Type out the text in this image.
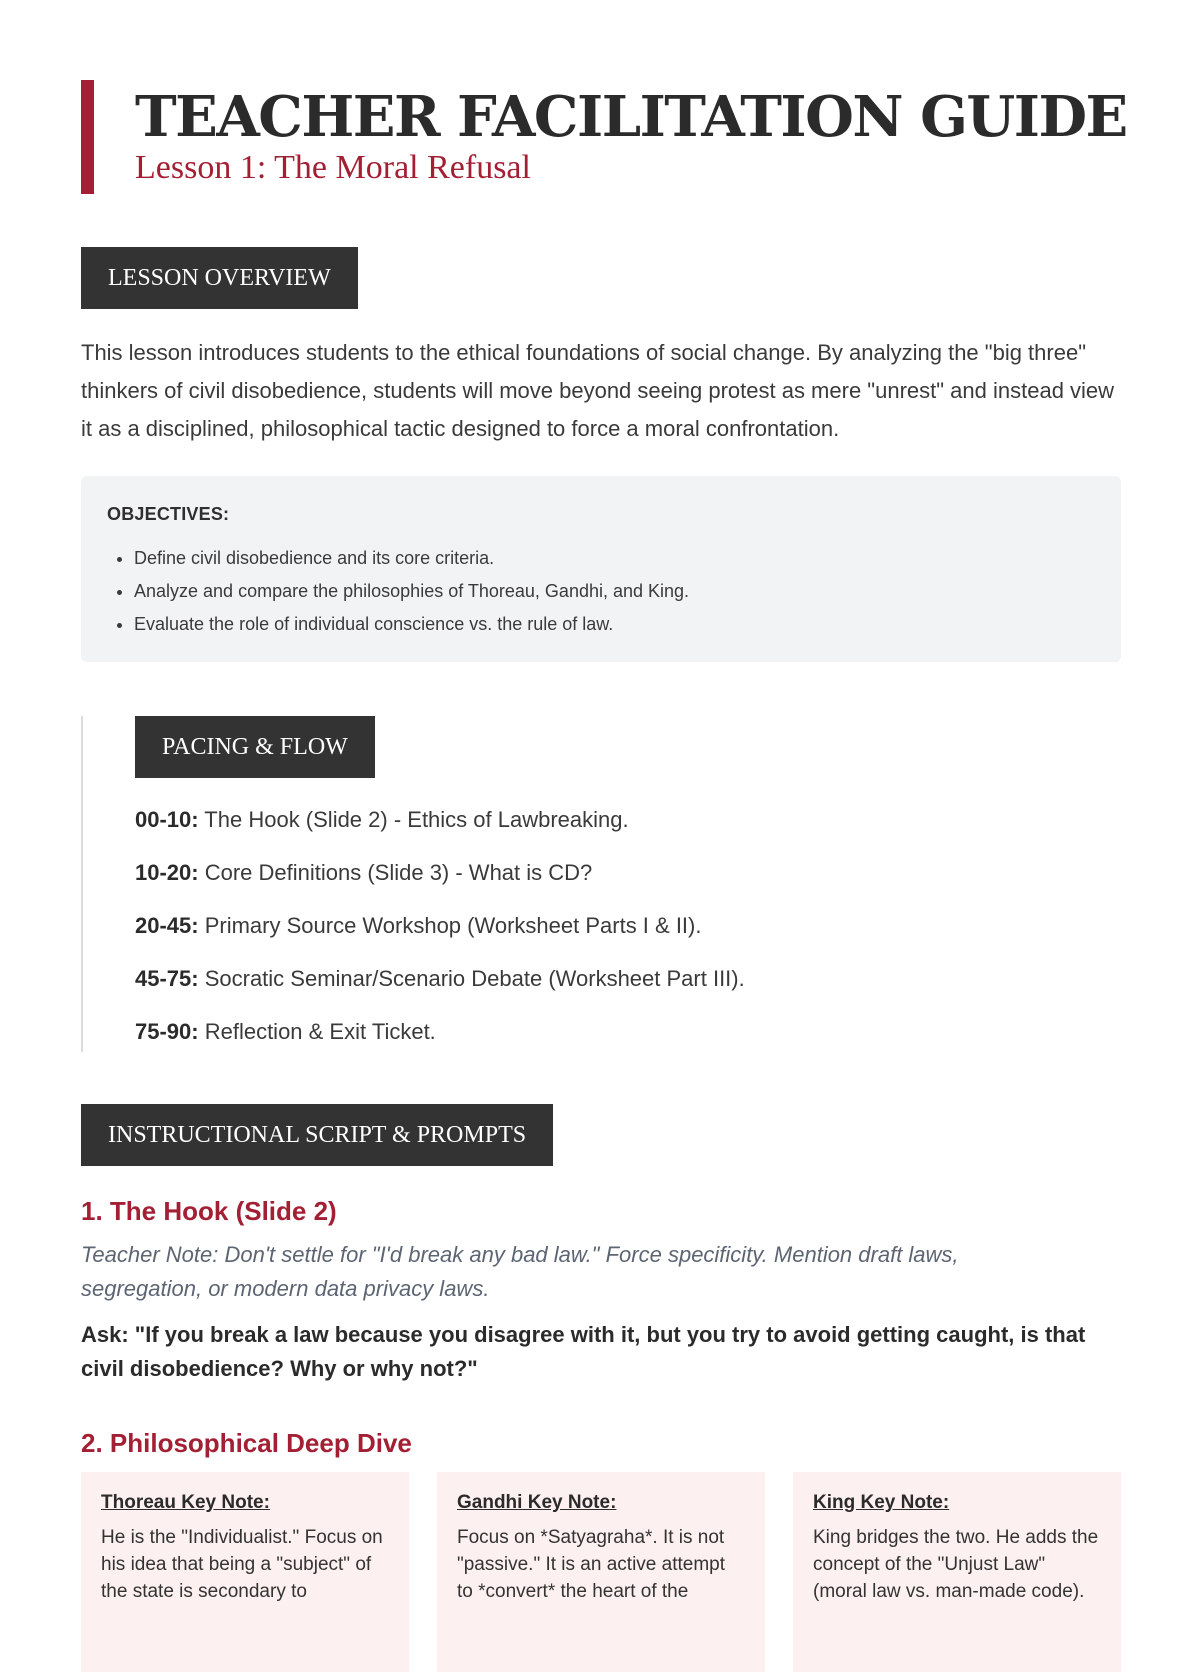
TEACHER FACILITATION GUIDE
Lesson 1: The Moral Refusal
LESSON OVERVIEW

This lesson introduces students to the ethical foundations of social change. By analyzing the "big three" thinkers of civil disobedience, students will move beyond seeing protest as mere "unrest" and instead view it as a disciplined, philosophical tactic designed to force a moral confrontation.

OBJECTIVES:
• Define civil disobedience and its core criteria.
• Analyze and compare the philosophies of Thoreau, Gandhi, and King.
• Evaluate the role of individual conscience vs. the rule of law.
PACING & FLOW
00-10: The Hook (Slide 2) - Ethics of Lawbreaking.
10-20: Core Definitions (Slide 3) - What is CD?
20-45: Primary Source Workshop (Worksheet Parts I & II).
45-75: Socratic Seminar/Scenario Debate (Worksheet Part III).
75-90: Reflection & Exit Ticket.
INSTRUCTIONAL SCRIPT & PROMPTS
1. The Hook (Slide 2)

Teacher Note: Don't settle for "I'd break any bad law." Force specificity. Mention draft laws, segregation, or modern data privacy laws.

Ask: "If you break a law because you disagree with it, but you try to avoid getting caught, is that civil disobedience? Why or why not?"

2. Philosophical Deep Dive
Thoreau Key Note:

He is the "Individualist." Focus on his idea that being a "subject" of the state is secondary to

Gandhi Key Note:

Focus on *Satyagraha*. It is not "passive." It is an active attempt to *convert* the heart of the

King Key Note:

King bridges the two. He adds the concept of the "Unjust Law" (moral law vs. man-made code).
